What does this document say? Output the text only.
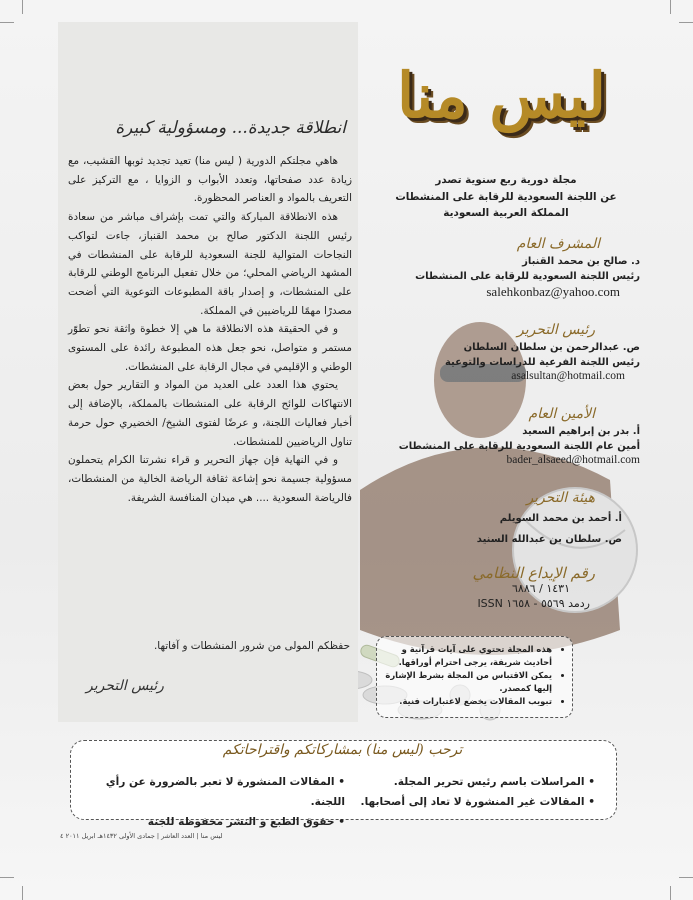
انطلاقة جديدة... ومسؤولية كبيرة

هاهي مجلتكم الدورية ( ليس منا) تعيد تجديد ثوبها القشيب، مع زيادة عدد صفحاتها، وتعدد الأبواب و الزوايا ، مع التركيز على التعريف بالمواد و العناصر المحظورة.

هذه الانطلاقة المباركة والتي تمت بإشراف مباشر من سعادة رئيس اللجنة الدكتور صالح بن محمد القنباز، جاءت لتواكب النجاحات المتوالية للجنة السعودية للرقابة على المنشطات في المشهد الرياضي المحلي؛ من خلال تفعيل البرنامج الوطني للرقابة على المنشطات، و إصدار باقة المطبوعات التوعوية التي أضحت مصدرًا مهمًا للرياضيين في المملكة.

و في الحقيقة هذه الانطلاقة ما هي إلا خطوة واثقة نحو تطوّر مستمر و متواصل، نحو جعل هذه المطبوعة رائدة على المستوى الوطني و الإقليمي في مجال الرقابة على المنشطات.

يحتوي هذا العدد على العديد من المواد و التقارير حول بعض الانتهاكات للوائح الرقابة على المنشطات بالمملكة، بالإضافة إلى أخبار فعاليات اللجنة، و عرضًا لفتوى الشيخ/ الخضيري حول حرمة تناول الرياضيين للمنشطات.

و في النهاية فإن جهاز التحرير و قراء نشرتنا الكرام يتحملون مسؤولية جسيمة نحو إشاعة ثقافة الرياضة الخالية من المنشطات، فالرياضة السعودية .... هي ميدان المنافسة الشريفة.

حفظكم المولى من شرور المنشطات و آفاتها.
رئيس التحرير
ليس منا
مجلة دورية ربع سنوية تصدر
عن اللجنة السعودية للرقابة على المنشطات
المملكة العربية السعودية
المشرف العام
د. صالح بن محمد القنباز
رئيس اللجنة السعودية للرقابة على المنشطات
salehkonbaz@yahoo.com
رئيس التحرير
ص. عبدالرحمن بن سلطان السلطان
رئيس اللجنة الفرعية للدراسات والتوعية
asalsultan@hotmail.com
الأمين العام
أ. بدر بن إبراهيم السعيد
أمين عام اللجنة السعودية للرقابة على المنشطات
bader_alsaeed@hotmail.com
هيئة التحرير
أ. أحمد بن محمد السويلم
ص. سلطان بن عبدالله السنيد
رقم الإيداع النظامي
١٤٣١ / ٦٨٨٦
ردمد ٥٥٦٩ - ١٦٥٨ ISSN
• هذه المجلة تحتوي على آيات قرآنية و أحاديث شريفة، يرجى احترام أوراقها.
• يمكن الاقتباس من المجلة بشرط الإشارة إليها كمصدر.
• تبويب المقالات يخضع لاعتبارات فنية.
ترحب (ليس منا) بمشاركاتكم واقتراحاتكم
• المراسلات باسم رئيس تحرير المجلة.
• المقالات غير المنشورة لا تعاد إلى أصحابها.
• المقالات المنشورة لا تعبر بالضرورة عن رأي اللجنة.
• حقوق الطبع و النشر محفوظة للجنة
ليس منا | العدد العاشر | جمادى الأولى ١٤٣٢هـ ابريل ٢٠١١ ٤
